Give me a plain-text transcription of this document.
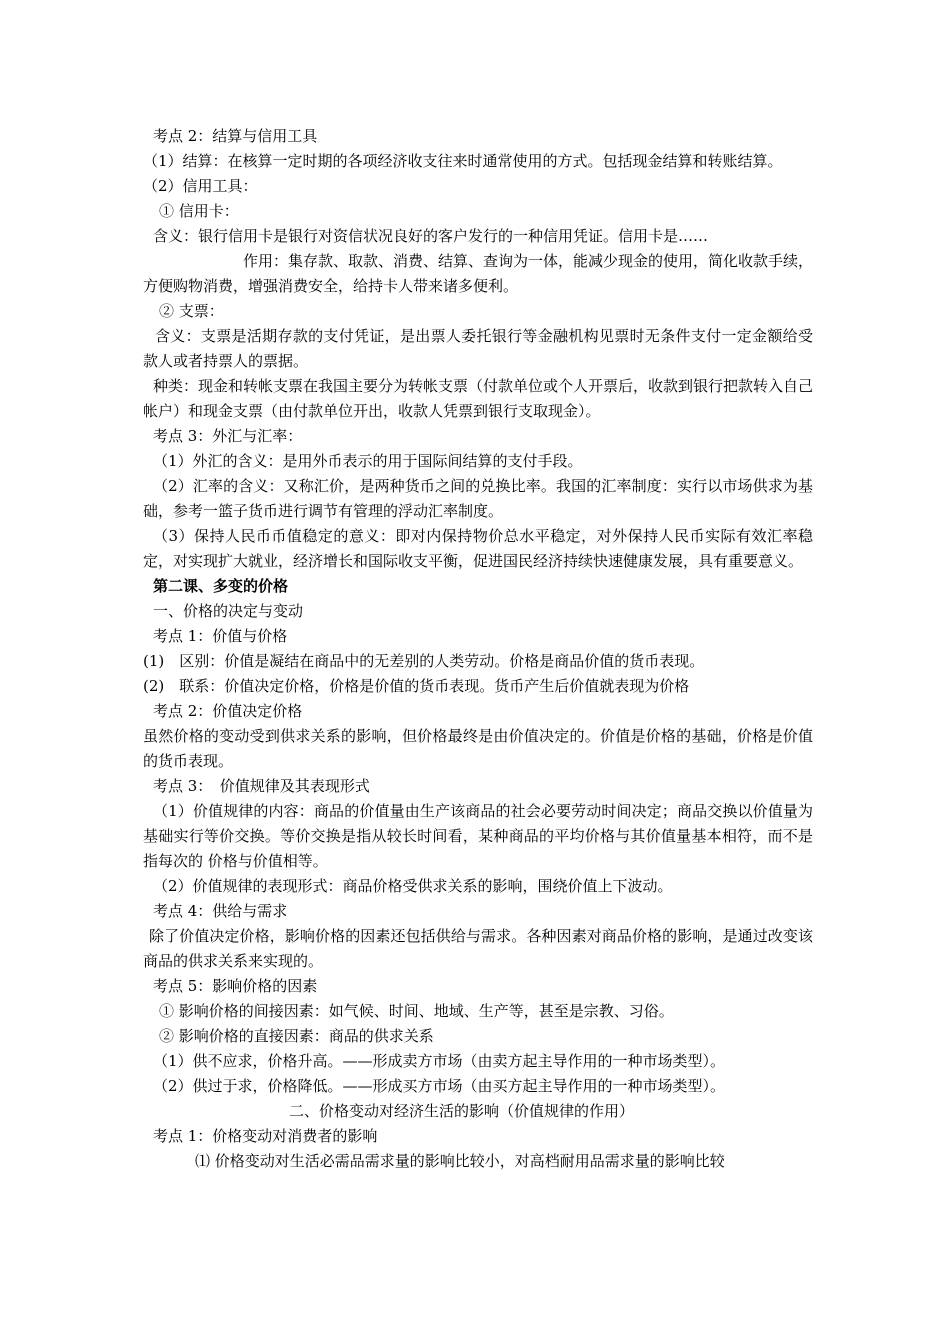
考点 2：结算与信用工具
（1）结算：在核算一定时期的各项经济收支往来时通常使用的方式。包括现金结算和转账结算。
（2）信用工具：
① 信用卡：
含义：银行信用卡是银行对资信状况良好的客户发行的一种信用凭证。信用卡是……
作用：集存款、取款、消费、结算、查询为一体，能减少现金的使用，简化收款手续，方便购物消费，增强消费安全，给持卡人带来诸多便利。
② 支票：
含义：支票是活期存款的支付凭证，是出票人委托银行等金融机构见票时无条件支付一定金额给受款人或者持票人的票据。
种类：现金和转帐支票在我国主要分为转帐支票（付款单位或个人开票后，收款到银行把款转入自己帐户）和现金支票（由付款单位开出，收款人凭票到银行支取现金）。
考点 3：外汇与汇率：
（1）外汇的含义：是用外币表示的用于国际间结算的支付手段。
（2）汇率的含义：又称汇价，是两种货币之间的兑换比率。我国的汇率制度：实行以市场供求为基础，参考一篮子货币进行调节有管理的浮动汇率制度。
（3）保持人民币币值稳定的意义：即对内保持物价总水平稳定，对外保持人民币实际有效汇率稳定，对实现扩大就业，经济增长和国际收支平衡，促进国民经济持续快速健康发展，具有重要意义。
第二课、多变的价格
一、价格的决定与变动
考点 1：价值与价格
(1)　区别：价值是凝结在商品中的无差别的人类劳动。价格是商品价值的货币表现。
(2)　联系：价值决定价格，价格是价值的货币表现。货币产生后价值就表现为价格
考点 2：价值决定价格
虽然价格的变动受到供求关系的影响，但价格最终是由价值决定的。价值是价格的基础，价格是价值的货币表现。
考点 3：　价值规律及其表现形式
（1）价值规律的内容：商品的价值量由生产该商品的社会必要劳动时间决定；商品交换以价值量为基础实行等价交换。等价交换是指从较长时间看，某种商品的平均价格与其价值量基本相符，而不是指每次的 价格与价值相等。
（2）价值规律的表现形式：商品价格受供求关系的影响，围绕价值上下波动。
考点 4：供给与需求
除了价值决定价格，影响价格的因素还包括供给与需求。各种因素对商品价格的影响，是通过改变该商品的供求关系来实现的。
考点 5：影响价格的因素
① 影响价格的间接因素：如气候、时间、地域、生产等，甚至是宗教、习俗。
② 影响价格的直接因素：商品的供求关系
（1）供不应求，价格升高。——形成卖方市场（由卖方起主导作用的一种市场类型）。
（2）供过于求，价格降低。——形成买方市场（由买方起主导作用的一种市场类型）。
二、价格变动对经济生活的影响（价值规律的作用）
考点 1：价格变动对消费者的影响
⑴ 价格变动对生活必需品需求量的影响比较小，对高档耐用品需求量的影响比较
